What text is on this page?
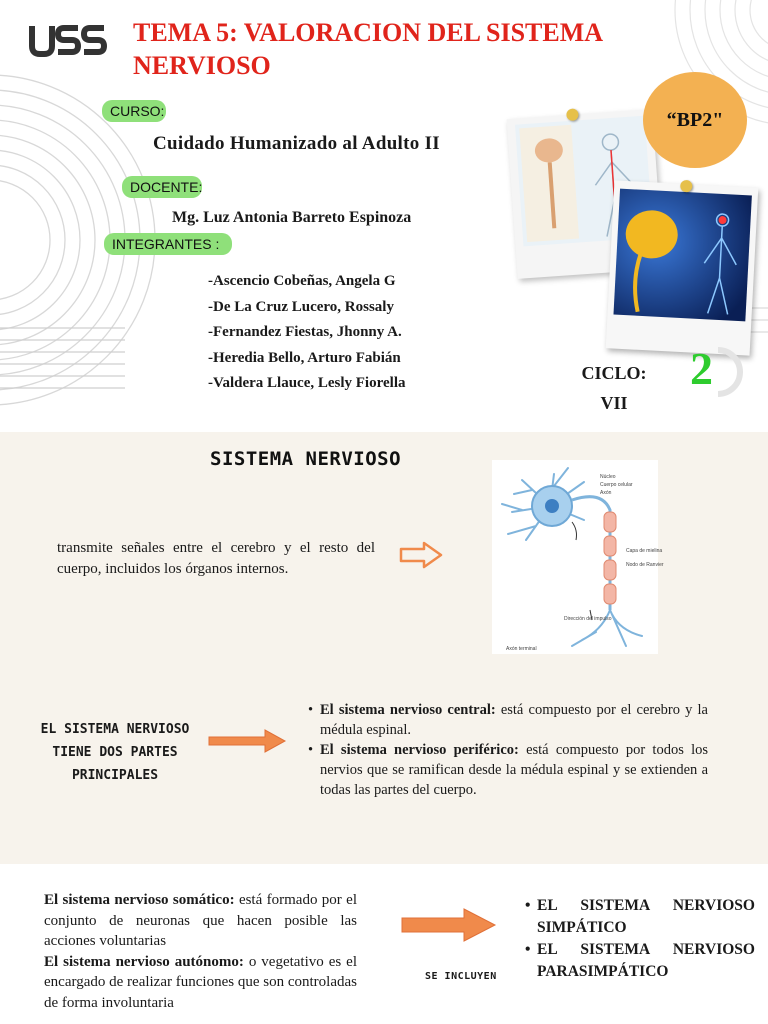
TEMA 5: VALORACION DEL SISTEMA NERVIOSO
CURSO:
Cuidado Humanizado al Adulto II
DOCENTE:
Mg. Luz Antonia Barreto Espinoza
INTEGRANTES :
-Ascencio Cobeñas, Angela G
-De La Cruz Lucero, Rossaly
-Fernandez Fiestas, Jhonny A.
-Heredia Bello, Arturo Fabián
-Valdera Llauce, Lesly Fiorella
“BP2"
CICLO:
VII
2
SISTEMA NERVIOSO
transmite señales entre el cerebro y el resto del cuerpo, incluidos los órganos internos.
Núcleo
Cuerpo celular
Axón
Capa de mielina
Nodo de Ranvier
Dirección del impulso
Axón terminal
EL SISTEMA NERVIOSO TIENE DOS PARTES PRINCIPALES
• El sistema nervioso central: está compuesto por el cerebro y la médula espinal.
• El sistema nervioso periférico: está compuesto por todos los nervios que se ramifican desde la médula espinal y se extienden a todas las partes del cuerpo.
El sistema nervioso somático: está formado por el conjunto de neuronas que hacen posible las acciones voluntarias
El sistema nervioso autónomo: o vegetativo es el encargado de realizar funciones que son controladas de forma involuntaria
SE INCLUYEN
• EL SISTEMA NERVIOSO SIMPÁTICO
• EL SISTEMA NERVIOSO PARASIMPÁTICO
